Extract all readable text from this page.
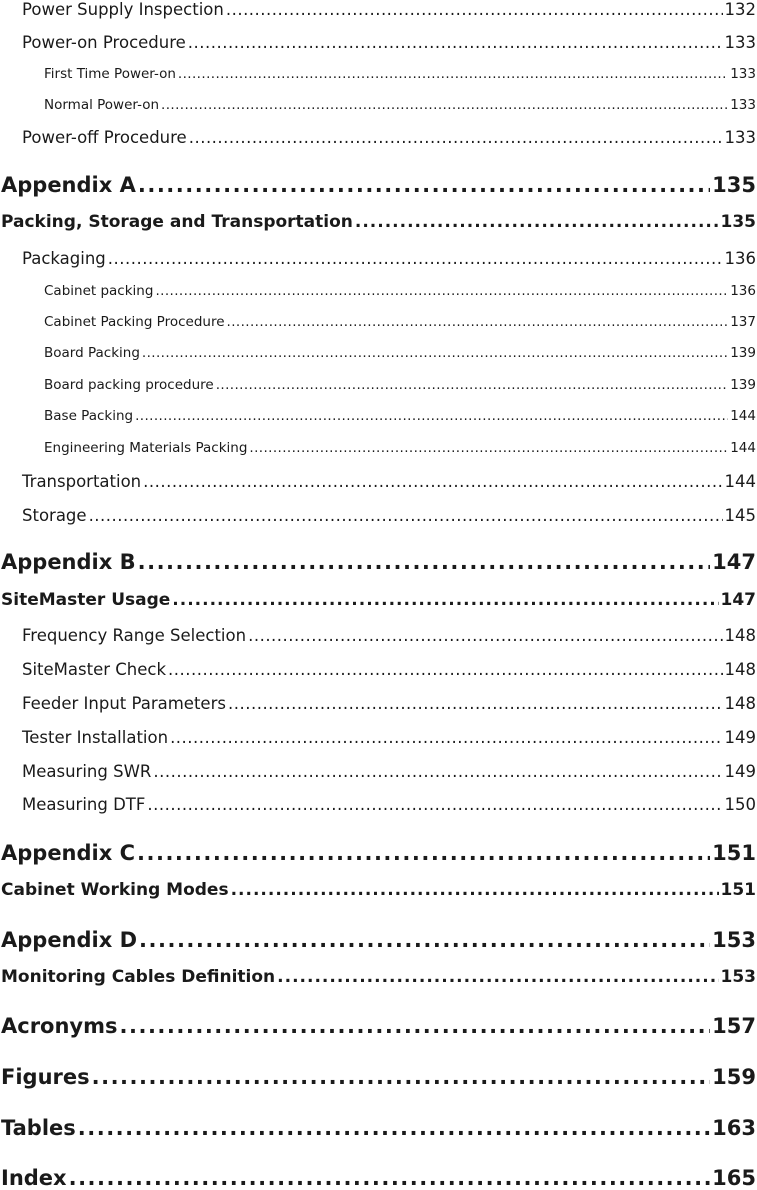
Power Supply Inspection .....	132
Power-on Procedure .....	133
First Time Power-on .....	133
Normal Power-on .....	133
Power-off Procedure .....	133
Appendix A .....	135
Packing, Storage and Transportation .....	135
Packaging .....	136
Cabinet packing .....	136
Cabinet Packing Procedure .....	137
Board Packing .....	139
Board packing procedure .....	139
Base Packing .....	144
Engineering Materials Packing .....	144
Transportation .....	144
Storage .....	145
Appendix B .....	147
SiteMaster Usage .....	147
Frequency Range Selection .....	148
SiteMaster Check .....	148
Feeder Input Parameters .....	148
Tester Installation .....	149
Measuring SWR .....	149
Measuring DTF .....	150
Appendix C .....	151
Cabinet Working Modes .....	151
Appendix D .....	153
Monitoring Cables Definition .....	153
Acronyms .....	157
Figures .....	159
Tables .....	163
Index .....	165
